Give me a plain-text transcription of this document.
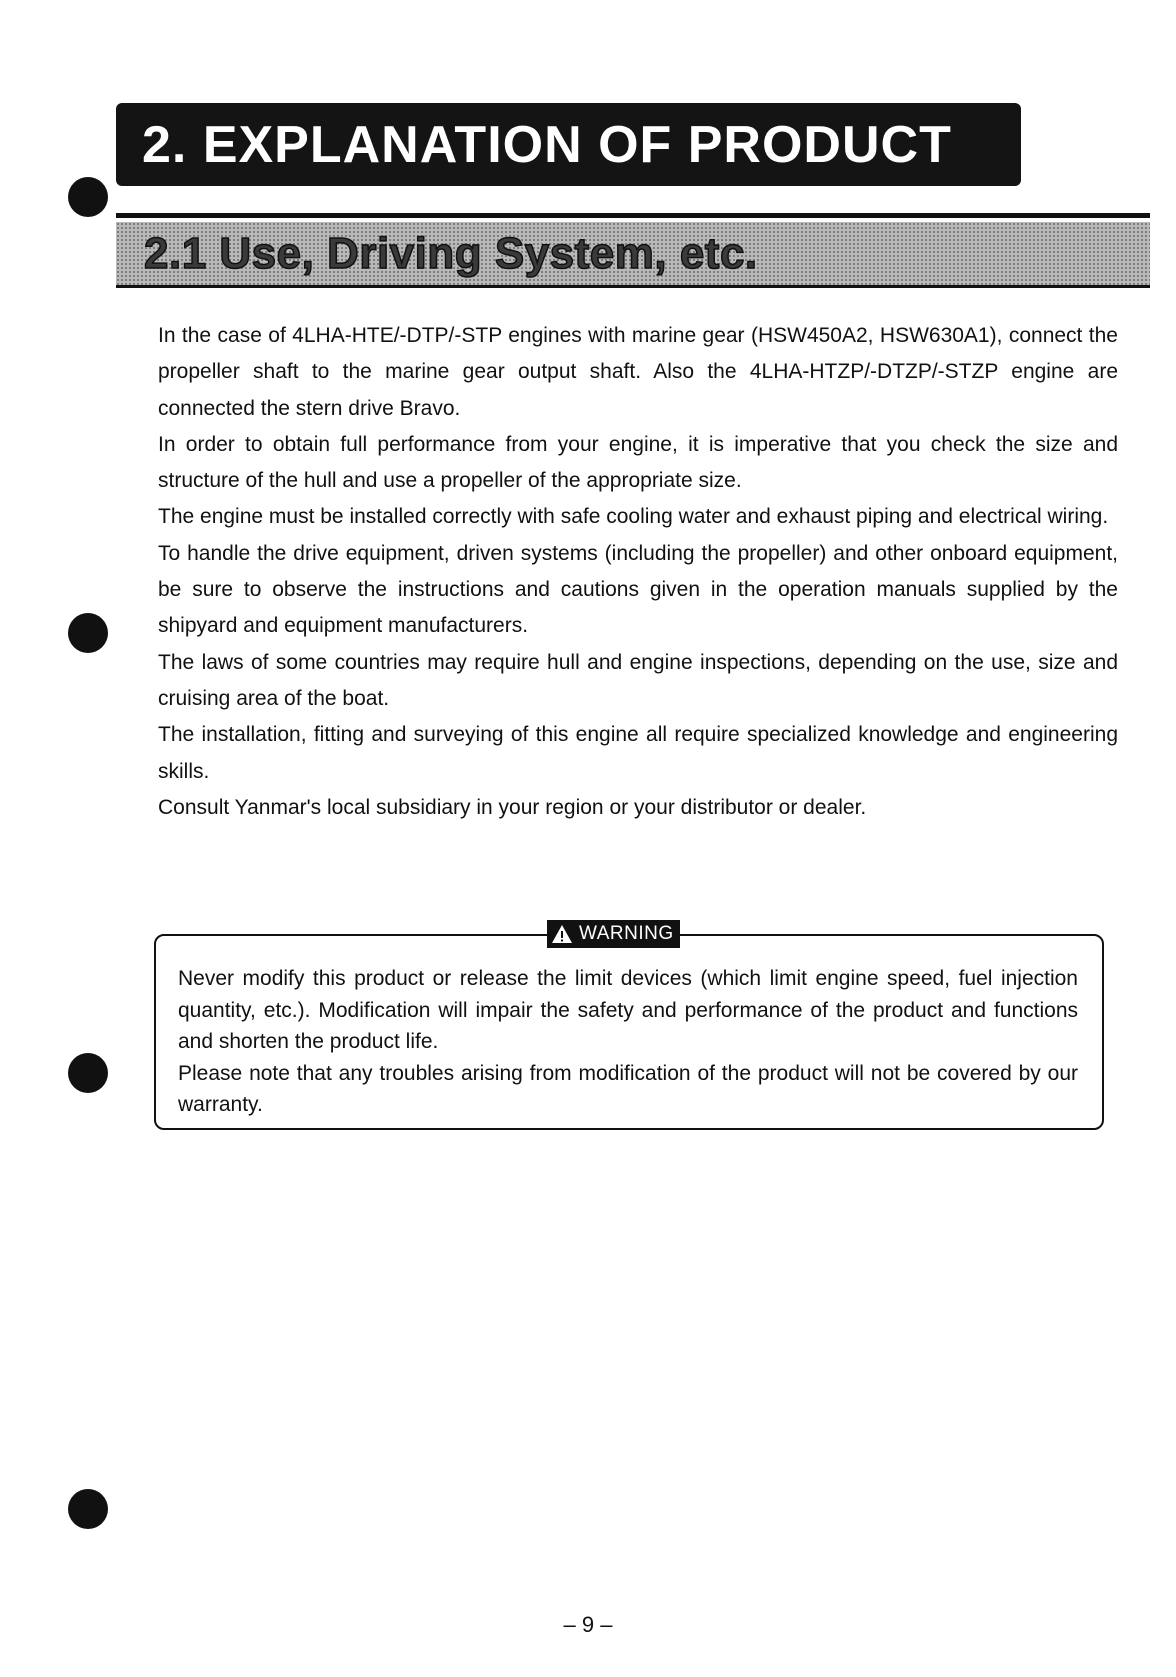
2. EXPLANATION OF PRODUCT
2.1 Use, Driving System, etc.

In the case of 4LHA-HTE/-DTP/-STP engines with marine gear (HSW450A2, HSW630A1), connect the propeller shaft to the marine gear output shaft. Also the 4LHA-HTZP/-DTZP/-STZP engine are connected the stern drive Bravo.

In order to obtain full performance from your engine, it is imperative that you check the size and structure of the hull and use a propeller of the appropriate size.

The engine must be installed correctly with safe cooling water and exhaust piping and electrical wiring.

To handle the drive equipment, driven systems (including the propeller) and other onboard equipment, be sure to observe the instructions and cautions given in the operation manuals supplied by the shipyard and equipment manufacturers.

The laws of some countries may require hull and engine inspections, depending on the use, size and cruising area of the boat.

The installation, fitting and surveying of this engine all require specialized knowledge and engineering skills.

Consult Yanmar's local subsidiary in your region or your distributor or dealer.

WARNING

Never modify this product or release the limit devices (which limit engine speed, fuel injection quantity, etc.). Modification will impair the safety and performance of the product and functions and shorten the product life.

Please note that any troubles arising from modification of the product will not be covered by our warranty.

– 9 –
